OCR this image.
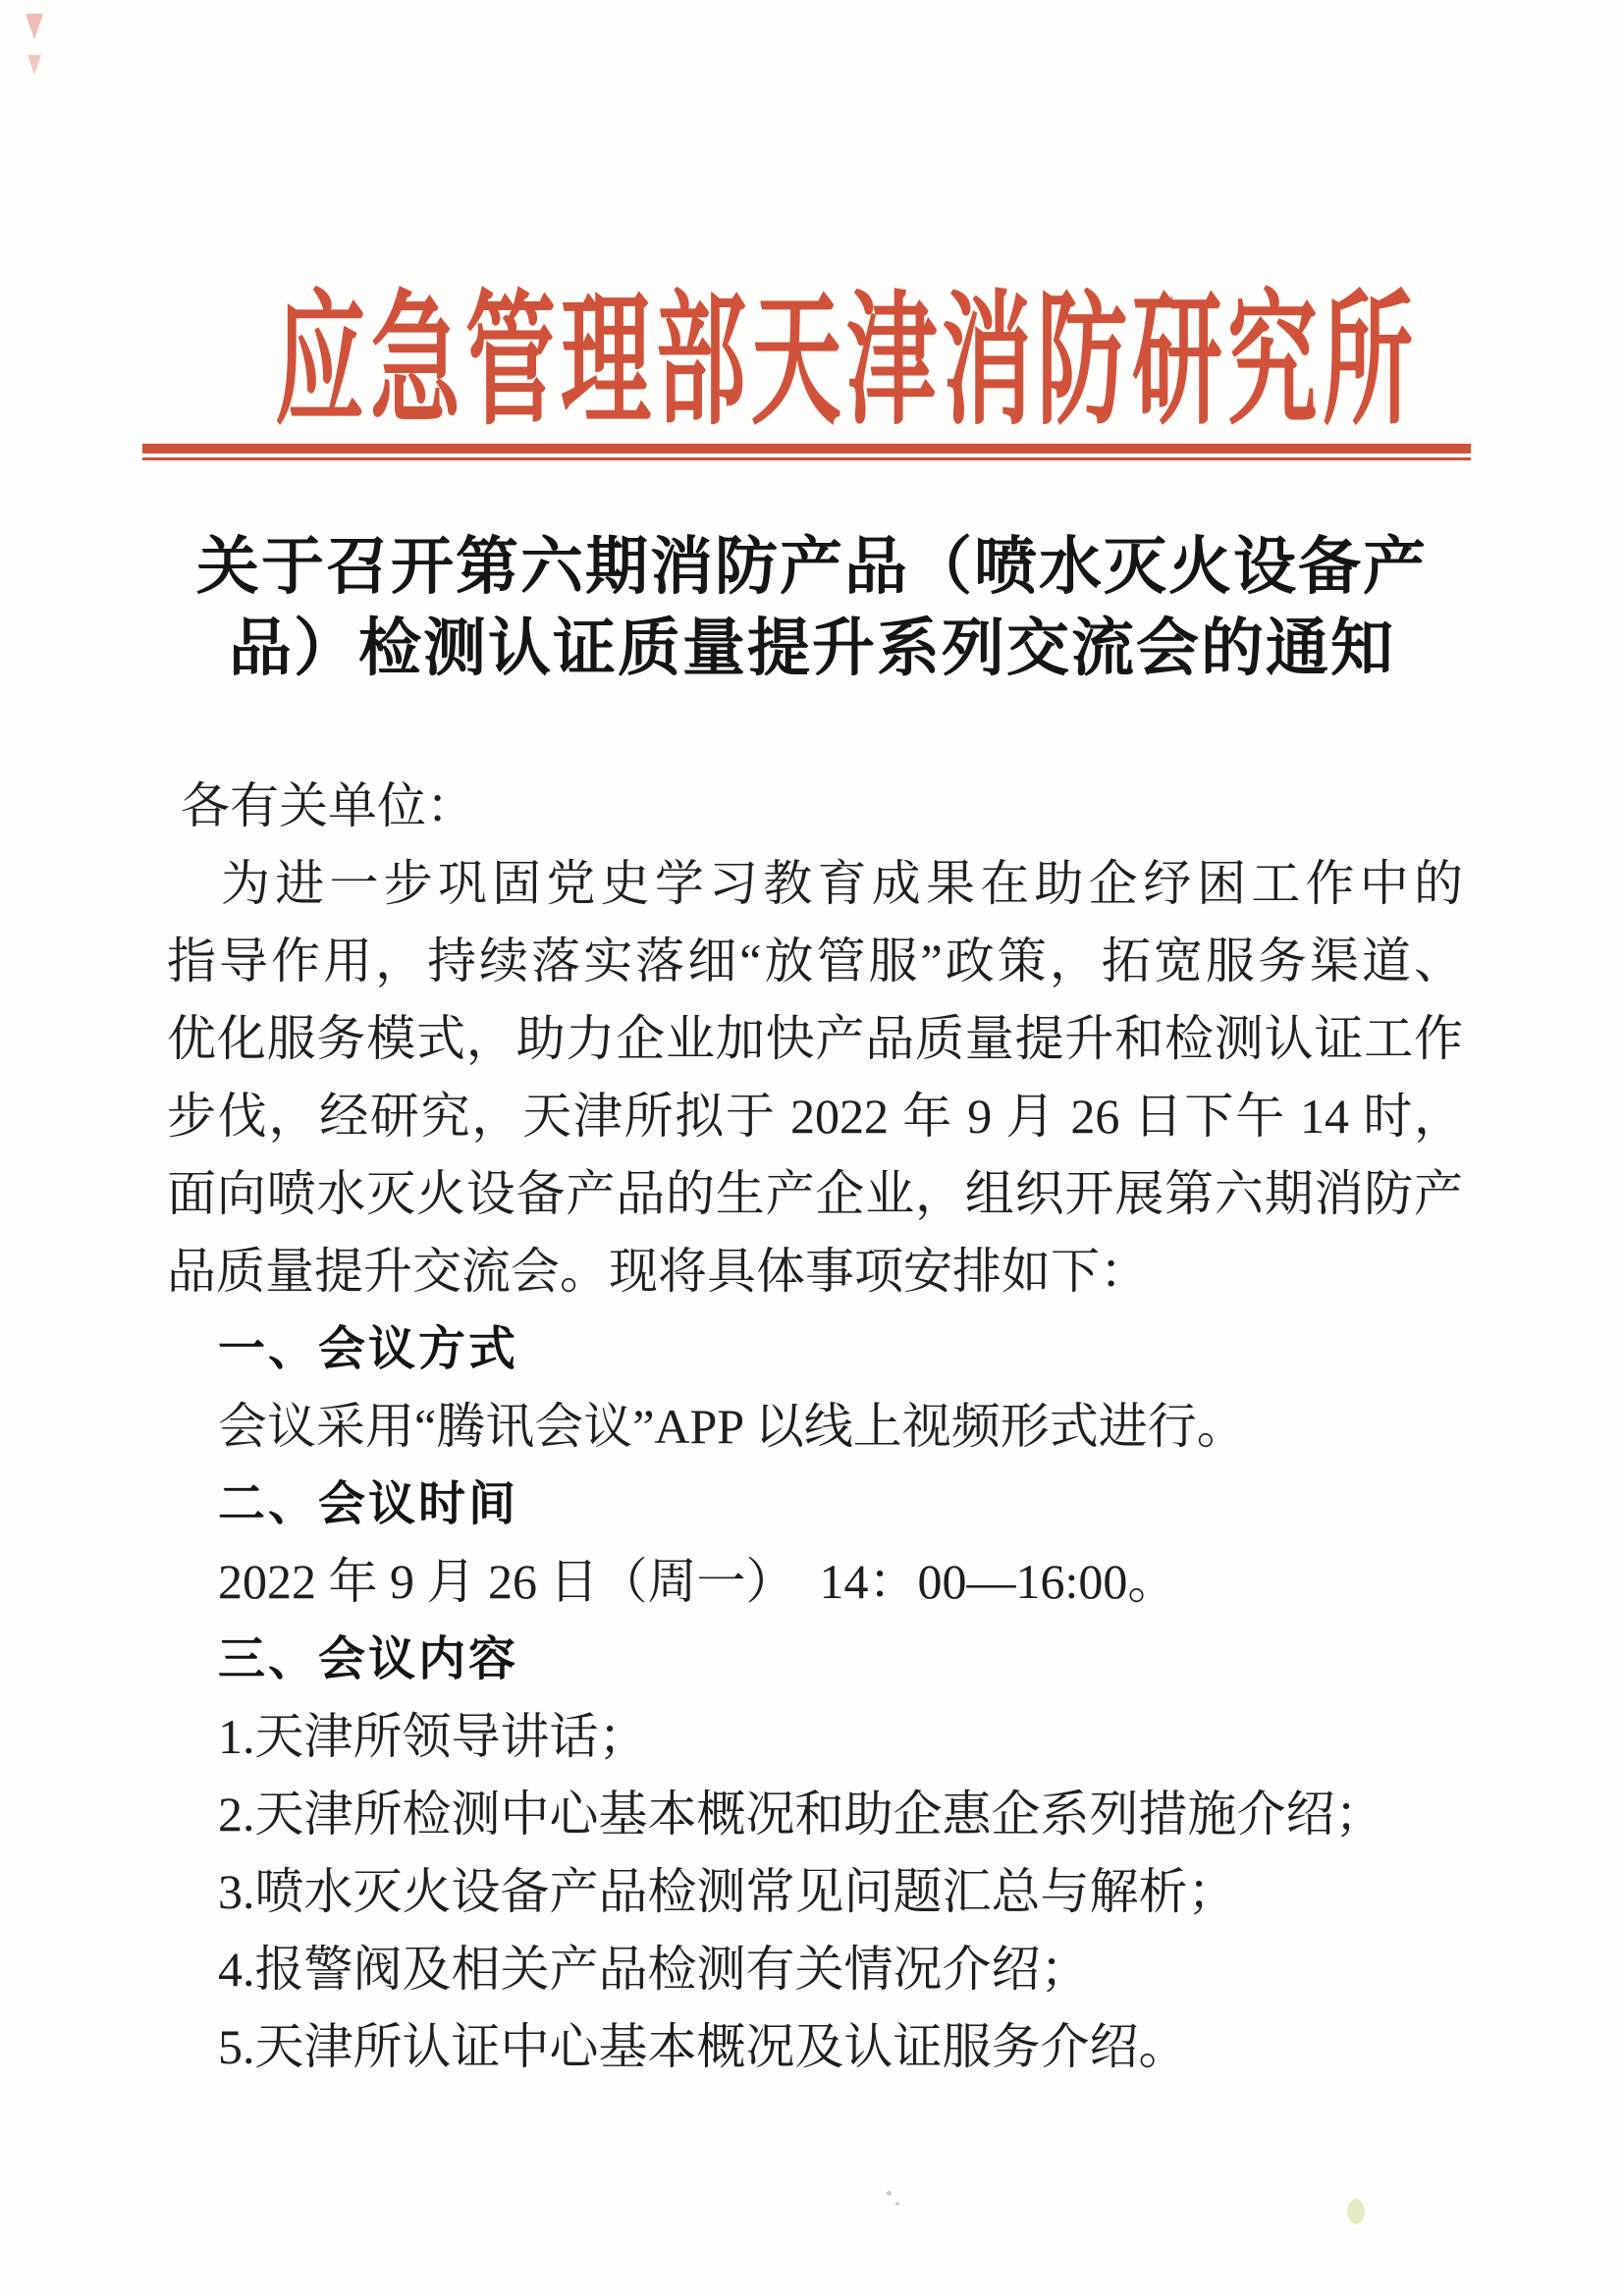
应急管理部天津消防研究所
关于召开第六期消防产品（喷水灭火设备产
品）检测认证质量提升系列交流会的通知
各有关单位：
为进一步巩固党史学习教育成果在助企纾困工作中的
指导作用，持续落实落细“放管服”政策，拓宽服务渠道、
优化服务模式，助力企业加快产品质量提升和检测认证工作
步伐，经研究，天津所拟于 2022 年 9 月 26 日下午 14 时，
面向喷水灭火设备产品的生产企业，组织开展第六期消防产
品质量提升交流会。现将具体事项安排如下：
一、会议方式
会议采用“腾讯会议”APP 以线上视频形式进行。
二、会议时间
2022 年 9 月 26 日（周一）　14：00—16:00。
三、会议内容
1.天津所领导讲话；
2.天津所检测中心基本概况和助企惠企系列措施介绍；
3.喷水灭火设备产品检测常见问题汇总与解析；
4.报警阀及相关产品检测有关情况介绍；
5.天津所认证中心基本概况及认证服务介绍。
